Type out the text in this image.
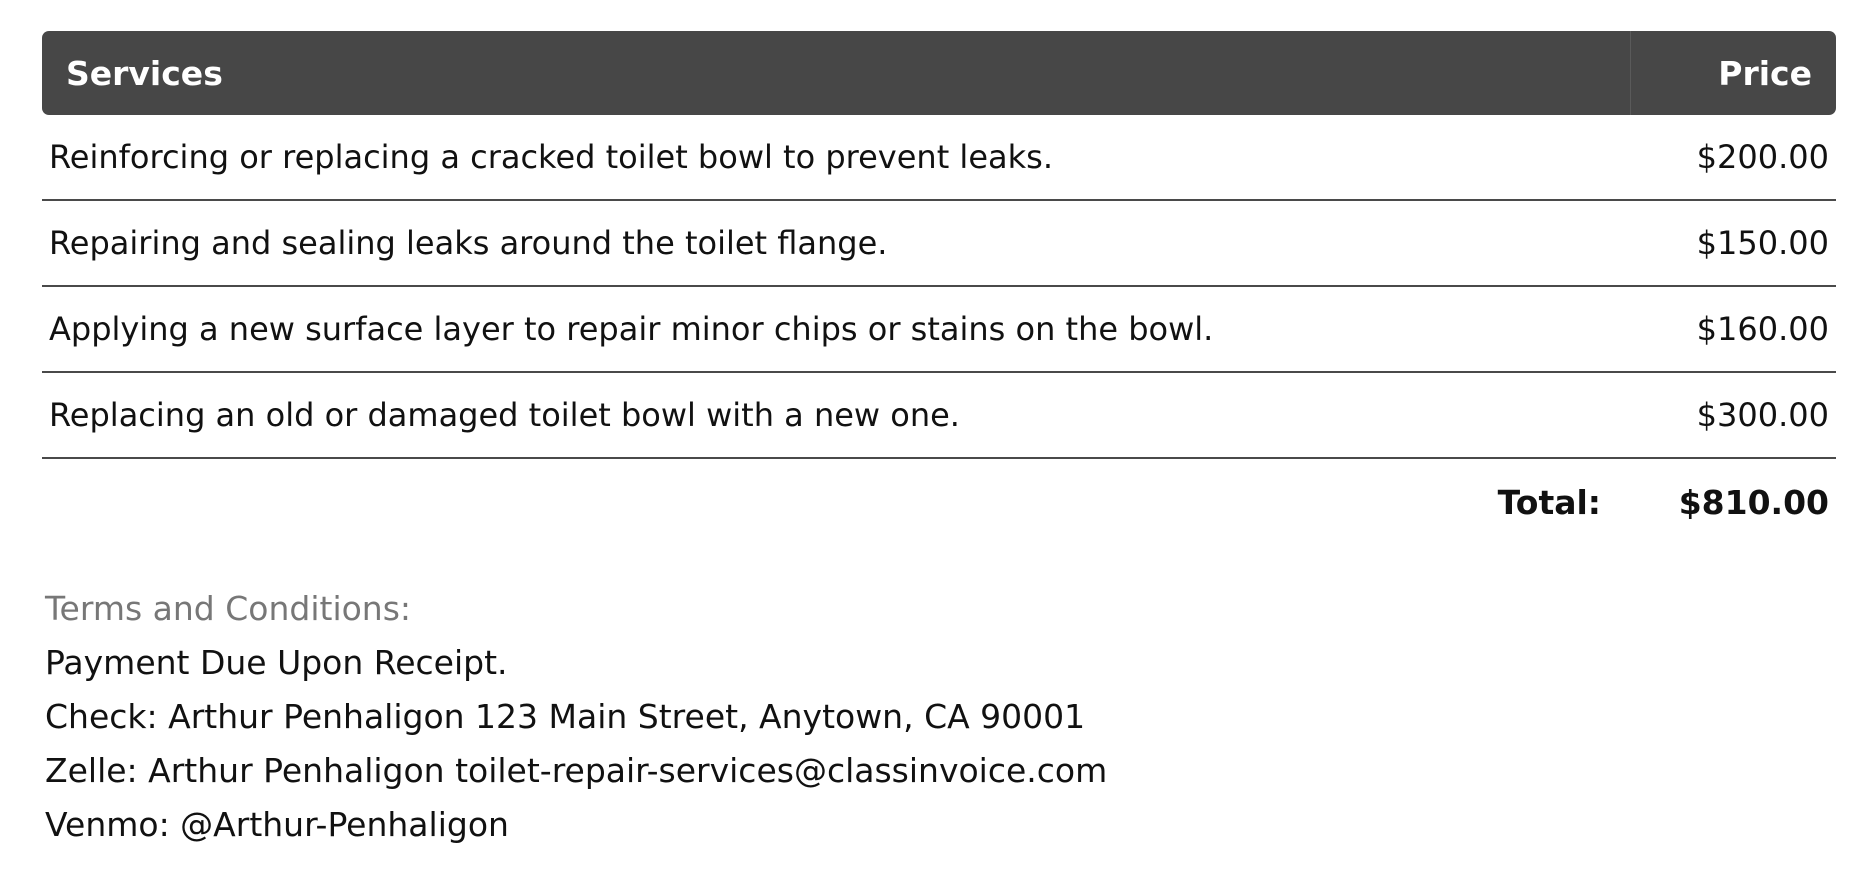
Services	Price
Reinforcing or replacing a cracked toilet bowl to prevent leaks.	$200.00
Repairing and sealing leaks around the toilet flange.	$150.00
Applying a new surface layer to repair minor chips or stains on the bowl.	$160.00
Replacing an old or damaged toilet bowl with a new one.	$300.00
Total:	$810.00
Terms and Conditions:
Payment Due Upon Receipt.
Check: Arthur Penhaligon 123 Main Street, Anytown, CA 90001
Zelle: Arthur Penhaligon toilet-repair-services@classinvoice.com
Venmo: @Arthur-Penhaligon
